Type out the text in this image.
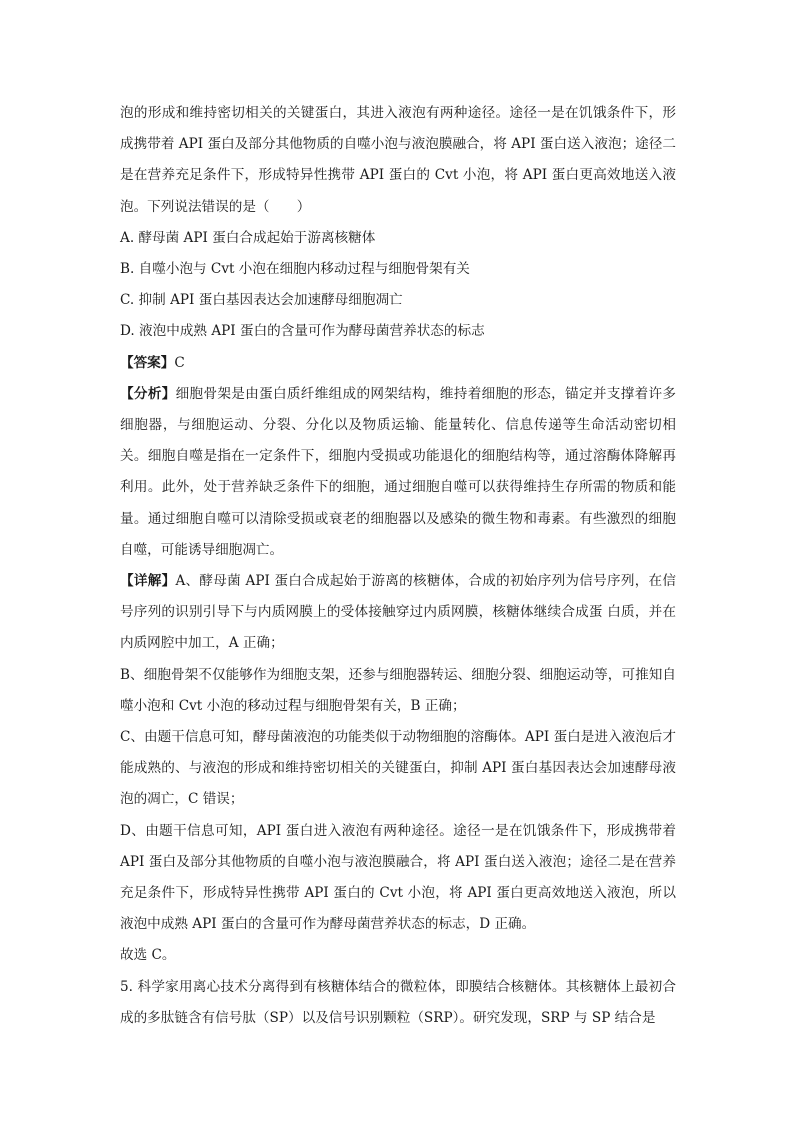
泡的形成和维持密切相关的关键蛋白，其进入液泡有两种途径。途径一是在饥饿条件下，形成携带着 API 蛋白及部分其他物质的自噬小泡与液泡膜融合，将 API 蛋白送入液泡；途径二是在营养充足条件下，形成特异性携带 API 蛋白的 Cvt 小泡，将 API 蛋白更高效地送入液泡。下列说法错误的是（　　）

A. 酵母菌 API 蛋白合成起始于游离核糖体

B. 自噬小泡与 Cvt 小泡在细胞内移动过程与细胞骨架有关

C. 抑制 API 蛋白基因表达会加速酵母细胞凋亡

D. 液泡中成熟 API 蛋白的含量可作为酵母菌营养状态的标志

【答案】C

【分析】细胞骨架是由蛋白质纤维组成的网架结构，维持着细胞的形态，锚定并支撑着许多细胞器，与细胞运动、分裂、分化以及物质运输、能量转化、信息传递等生命活动密切相关。细胞自噬是指在一定条件下，细胞内受损或功能退化的细胞结构等，通过溶酶体降解再利用。此外，处于营养缺乏条件下的细胞，通过细胞自噬可以获得维持生存所需的物质和能量。通过细胞自噬可以清除受损或衰老的细胞器以及感染的微生物和毒素。有些激烈的细胞自噬，可能诱导细胞凋亡。

【详解】A、酵母菌 API 蛋白合成起始于游离的核糖体，合成的初始序列为信号序列，在信号序列的识别引导下与内质网膜上的受体接触穿过内质网膜，核糖体继续合成蛋 白质，并在内质网腔中加工，A 正确；

B、细胞骨架不仅能够作为细胞支架，还参与细胞器转运、细胞分裂、细胞运动等，可推知自噬小泡和 Cvt 小泡的移动过程与细胞骨架有关，B 正确；

C、由题干信息可知，酵母菌液泡的功能类似于动物细胞的溶酶体。API 蛋白是进入液泡后才能成熟的、与液泡的形成和维持密切相关的关键蛋白，抑制 API 蛋白基因表达会加速酵母液泡的凋亡，C 错误；

D、由题干信息可知，API 蛋白进入液泡有两种途径。途径一是在饥饿条件下，形成携带着 API 蛋白及部分其他物质的自噬小泡与液泡膜融合，将 API 蛋白送入液泡；途径二是在营养充足条件下，形成特异性携带 API 蛋白的 Cvt 小泡，将 API 蛋白更高效地送入液泡，所以液泡中成熟 API 蛋白的含量可作为酵母菌营养状态的标志，D 正确。

故选 C。

5. 科学家用离心技术分离得到有核糖体结合的微粒体，即膜结合核糖体。其核糖体上最初合成的多肽链含有信号肽（SP）以及信号识别颗粒（SRP）。研究发现，SRP 与 SP 结合是
